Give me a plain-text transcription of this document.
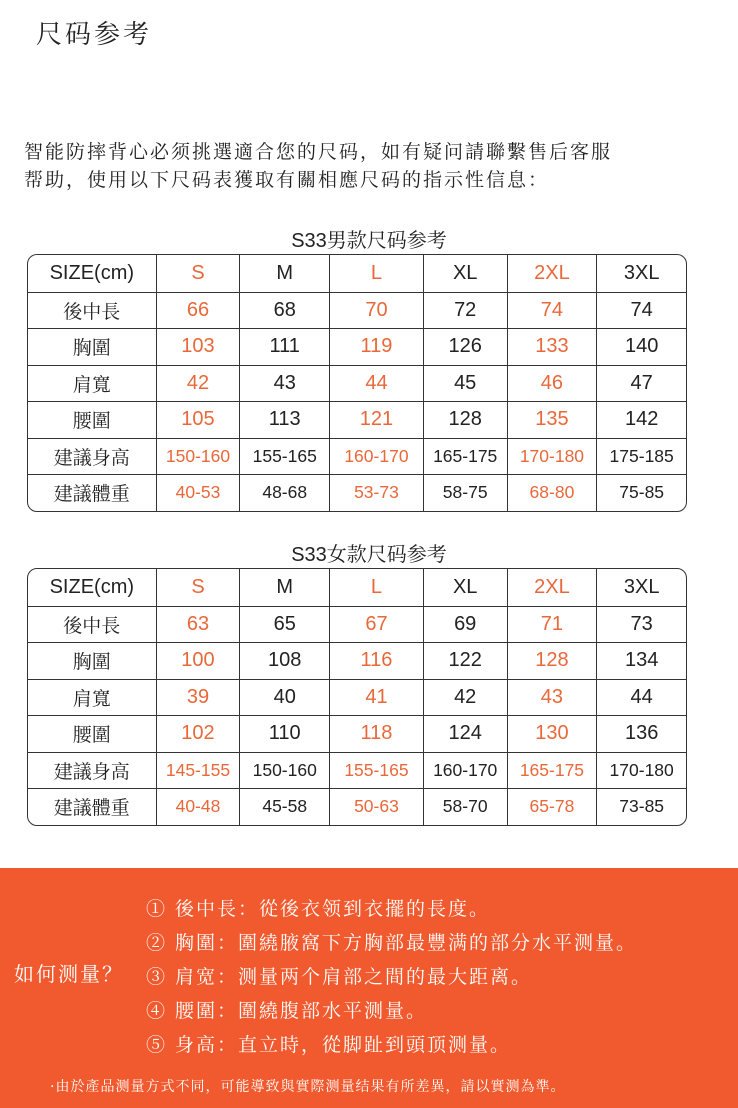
尺码参考
智能防摔背心必须挑選適合您的尺码，如有疑问請聯繫售后客服
帮助，使用以下尺码表獲取有關相應尺码的指示性信息：
S33男款尺码参考
SIZE(cm)	S	M	L	XL	2XL	3XL
後中長	66	68	70	72	74	74
胸圍	103	111	119	126	133	140
肩寬	42	43	44	45	46	47
腰圍	105	113	121	128	135	142
建議身高	150-160	155-165	160-170	165-175	170-180	175-185
建議體重	40-53	48-68	53-73	58-75	68-80	75-85
S33女款尺码参考
SIZE(cm)	S	M	L	XL	2XL	3XL
後中長	63	65	67	69	71	73
胸圍	100	108	116	122	128	134
肩寬	39	40	41	42	43	44
腰圍	102	110	118	124	130	136
建議身高	145-155	150-160	155-165	160-170	165-175	170-180
建議體重	40-48	45-58	50-63	58-70	65-78	73-85
如何测量？
① 後中長：從後衣领到衣擺的長度。
② 胸圍：圍繞腋窩下方胸部最豐满的部分水平测量。
③ 肩宽：测量两个肩部之間的最大距离。
④ 腰圍：圍繞腹部水平测量。
⑤ 身高：直立時，從脚趾到頭顶测量。
·由於產品测量方式不同，可能導致與實際测量结果有所差異，請以實测為準。
